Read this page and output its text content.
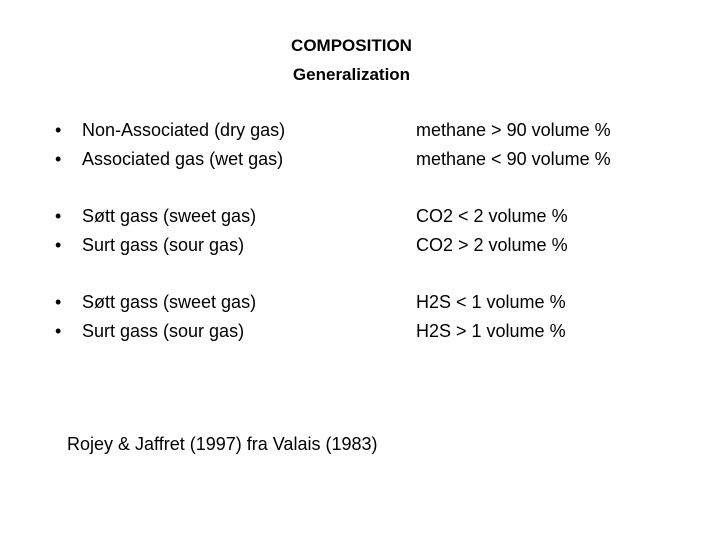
COMPOSITION
Generalization
• Non-Associated (dry gas)	methane > 90 volume %
• Associated gas (wet gas)	methane < 90 volume %
• Søtt gass (sweet gas)	CO2 < 2 volume %
• Surt gass (sour gas)	CO2 > 2 volume %
• Søtt gass (sweet gas)	H2S < 1 volume %
• Surt gass (sour gas)	H2S > 1 volume %
Rojey & Jaffret (1997) fra Valais (1983)
